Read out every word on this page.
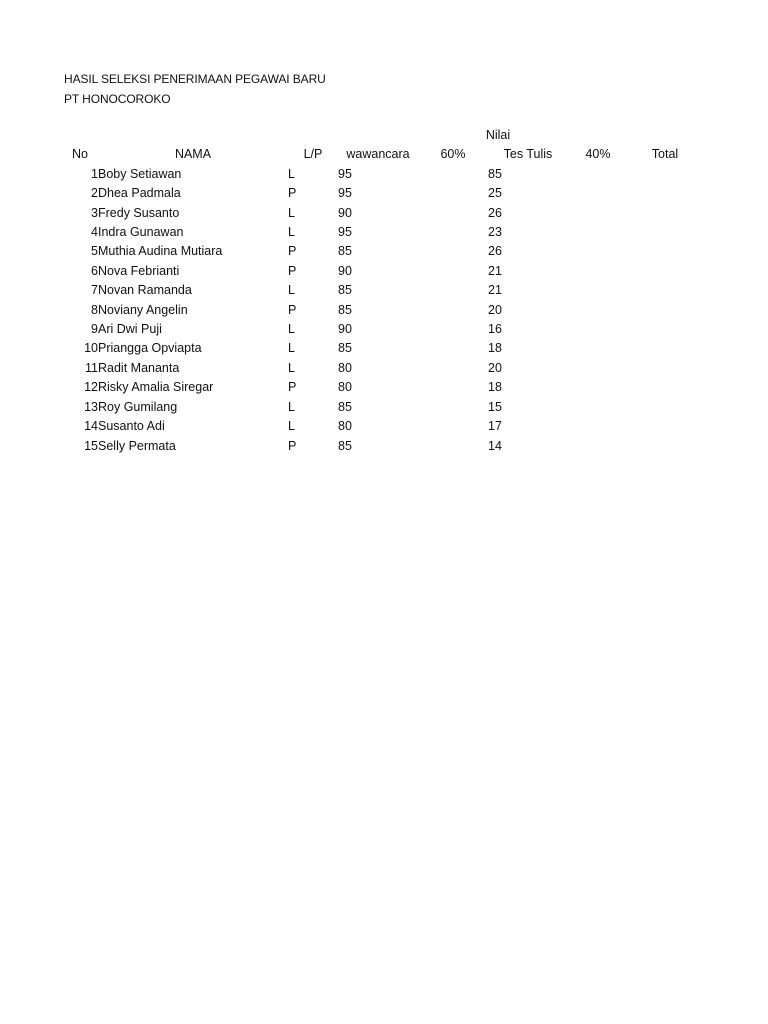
HASIL SELEKSI PENERIMAAN PEGAWAI BARU
PT HONOCOROKO
				Nilai			
No	NAMA	L/P	wawancara	60%	Tes Tulis	40%	Total
1	Boby Setiawan	L	95		85		
2	Dhea Padmala	P	95		25		
3	Fredy Susanto	L	90		26		
4	Indra Gunawan	L	95		23		
5	Muthia Audina Mutiara	P	85		26		
6	Nova Febrianti	P	90		21		
7	Novan Ramanda	L	85		21		
8	Noviany Angelin	P	85		20		
9	Ari Dwi Puji	L	90		16		
10	Priangga Opviapta	L	85		18		
11	Radit Mananta	L	80		20		
12	Risky Amalia Siregar	P	80		18		
13	Roy Gumilang	L	85		15		
14	Susanto Adi	L	80		17		
15	Selly Permata	P	85		14		
